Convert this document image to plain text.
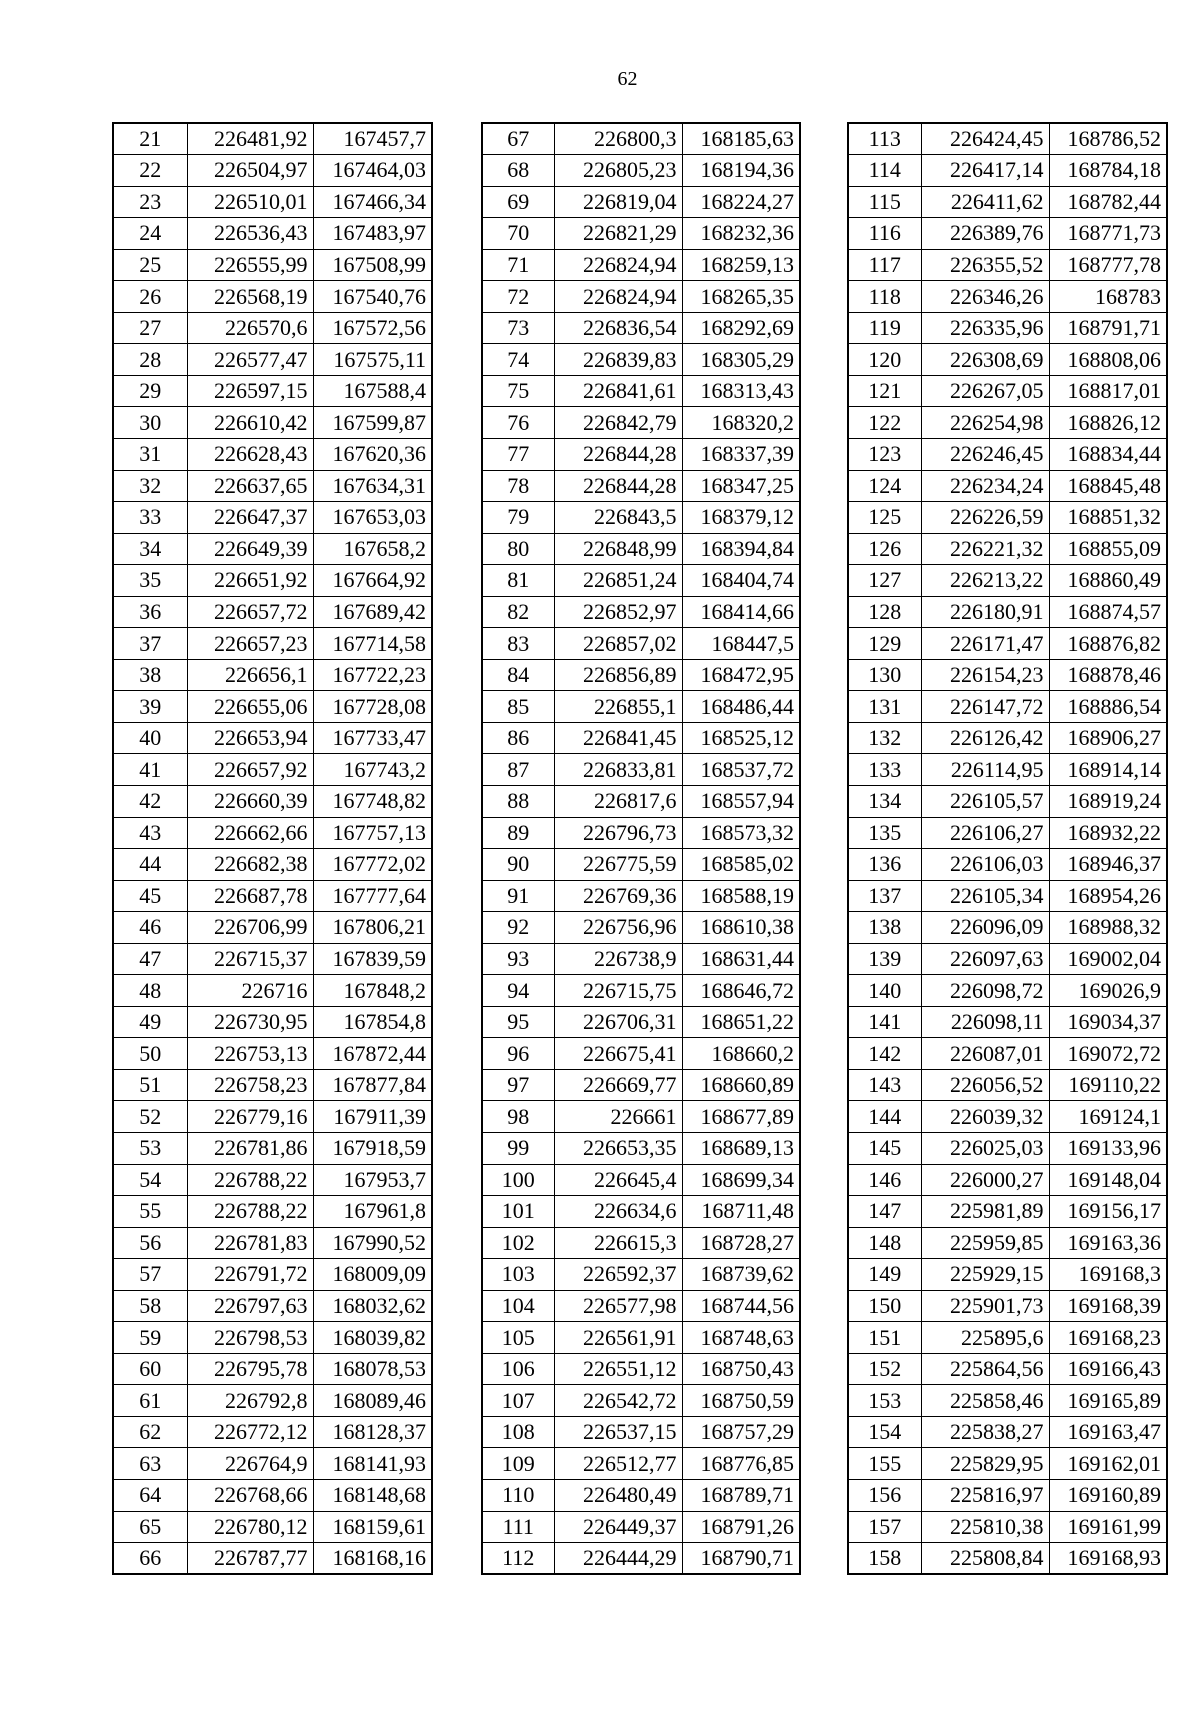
62
21	226481,92	167457,7
22	226504,97	167464,03
23	226510,01	167466,34
24	226536,43	167483,97
25	226555,99	167508,99
26	226568,19	167540,76
27	226570,6	167572,56
28	226577,47	167575,11
29	226597,15	167588,4
30	226610,42	167599,87
31	226628,43	167620,36
32	226637,65	167634,31
33	226647,37	167653,03
34	226649,39	167658,2
35	226651,92	167664,92
36	226657,72	167689,42
37	226657,23	167714,58
38	226656,1	167722,23
39	226655,06	167728,08
40	226653,94	167733,47
41	226657,92	167743,2
42	226660,39	167748,82
43	226662,66	167757,13
44	226682,38	167772,02
45	226687,78	167777,64
46	226706,99	167806,21
47	226715,37	167839,59
48	226716	167848,2
49	226730,95	167854,8
50	226753,13	167872,44
51	226758,23	167877,84
52	226779,16	167911,39
53	226781,86	167918,59
54	226788,22	167953,7
55	226788,22	167961,8
56	226781,83	167990,52
57	226791,72	168009,09
58	226797,63	168032,62
59	226798,53	168039,82
60	226795,78	168078,53
61	226792,8	168089,46
62	226772,12	168128,37
63	226764,9	168141,93
64	226768,66	168148,68
65	226780,12	168159,61
66	226787,77	168168,16
67	226800,3	168185,63
68	226805,23	168194,36
69	226819,04	168224,27
70	226821,29	168232,36
71	226824,94	168259,13
72	226824,94	168265,35
73	226836,54	168292,69
74	226839,83	168305,29
75	226841,61	168313,43
76	226842,79	168320,2
77	226844,28	168337,39
78	226844,28	168347,25
79	226843,5	168379,12
80	226848,99	168394,84
81	226851,24	168404,74
82	226852,97	168414,66
83	226857,02	168447,5
84	226856,89	168472,95
85	226855,1	168486,44
86	226841,45	168525,12
87	226833,81	168537,72
88	226817,6	168557,94
89	226796,73	168573,32
90	226775,59	168585,02
91	226769,36	168588,19
92	226756,96	168610,38
93	226738,9	168631,44
94	226715,75	168646,72
95	226706,31	168651,22
96	226675,41	168660,2
97	226669,77	168660,89
98	226661	168677,89
99	226653,35	168689,13
100	226645,4	168699,34
101	226634,6	168711,48
102	226615,3	168728,27
103	226592,37	168739,62
104	226577,98	168744,56
105	226561,91	168748,63
106	226551,12	168750,43
107	226542,72	168750,59
108	226537,15	168757,29
109	226512,77	168776,85
110	226480,49	168789,71
111	226449,37	168791,26
112	226444,29	168790,71
113	226424,45	168786,52
114	226417,14	168784,18
115	226411,62	168782,44
116	226389,76	168771,73
117	226355,52	168777,78
118	226346,26	168783
119	226335,96	168791,71
120	226308,69	168808,06
121	226267,05	168817,01
122	226254,98	168826,12
123	226246,45	168834,44
124	226234,24	168845,48
125	226226,59	168851,32
126	226221,32	168855,09
127	226213,22	168860,49
128	226180,91	168874,57
129	226171,47	168876,82
130	226154,23	168878,46
131	226147,72	168886,54
132	226126,42	168906,27
133	226114,95	168914,14
134	226105,57	168919,24
135	226106,27	168932,22
136	226106,03	168946,37
137	226105,34	168954,26
138	226096,09	168988,32
139	226097,63	169002,04
140	226098,72	169026,9
141	226098,11	169034,37
142	226087,01	169072,72
143	226056,52	169110,22
144	226039,32	169124,1
145	226025,03	169133,96
146	226000,27	169148,04
147	225981,89	169156,17
148	225959,85	169163,36
149	225929,15	169168,3
150	225901,73	169168,39
151	225895,6	169168,23
152	225864,56	169166,43
153	225858,46	169165,89
154	225838,27	169163,47
155	225829,95	169162,01
156	225816,97	169160,89
157	225810,38	169161,99
158	225808,84	169168,93
